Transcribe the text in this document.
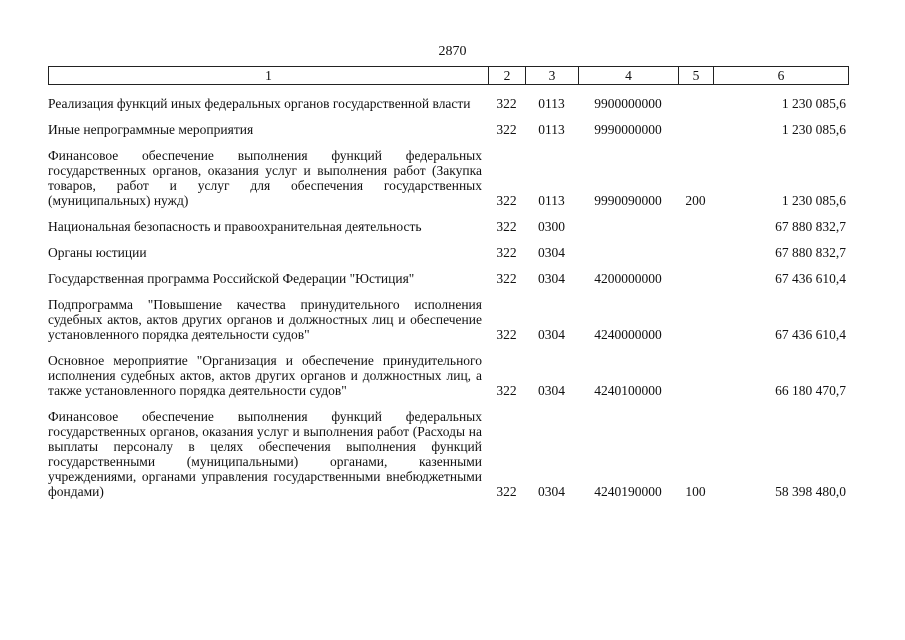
2870
1	2	3	4	5	6
Реализация функций иных федеральных органов государственной власти	322	0113	9900000000		1 230 085,6
Иные непрограммные мероприятия	322	0113	9990000000		1 230 085,6
Финансовое обеспечение выполнения функций федеральных государственных органов, оказания услуг и выполнения работ (Закупка товаров, работ и услуг для обеспечения государственных (муниципальных) нужд)	322	0113	9990090000	200	1 230 085,6
Национальная безопасность и правоохранительная деятельность	322	0300			67 880 832,7
Органы юстиции	322	0304			67 880 832,7
Государственная программа Российской Федерации "Юстиция"	322	0304	4200000000		67 436 610,4
Подпрограмма "Повышение качества принудительного исполнения судебных актов, актов других органов и должностных лиц и обеспечение установленного порядка деятельности судов"	322	0304	4240000000		67 436 610,4
Основное мероприятие "Организация и обеспечение принудительного исполнения судебных актов, актов других органов и должностных лиц, а также установленного порядка деятельности судов"	322	0304	4240100000		66 180 470,7
Финансовое обеспечение выполнения функций федеральных государственных органов, оказания услуг и выполнения работ (Расходы на выплаты персоналу в целях обеспечения выполнения функций государственными (муниципальными) органами, казенными учреждениями, органами управления государственными внебюджетными фондами)	322	0304	4240190000	100	58 398 480,0
